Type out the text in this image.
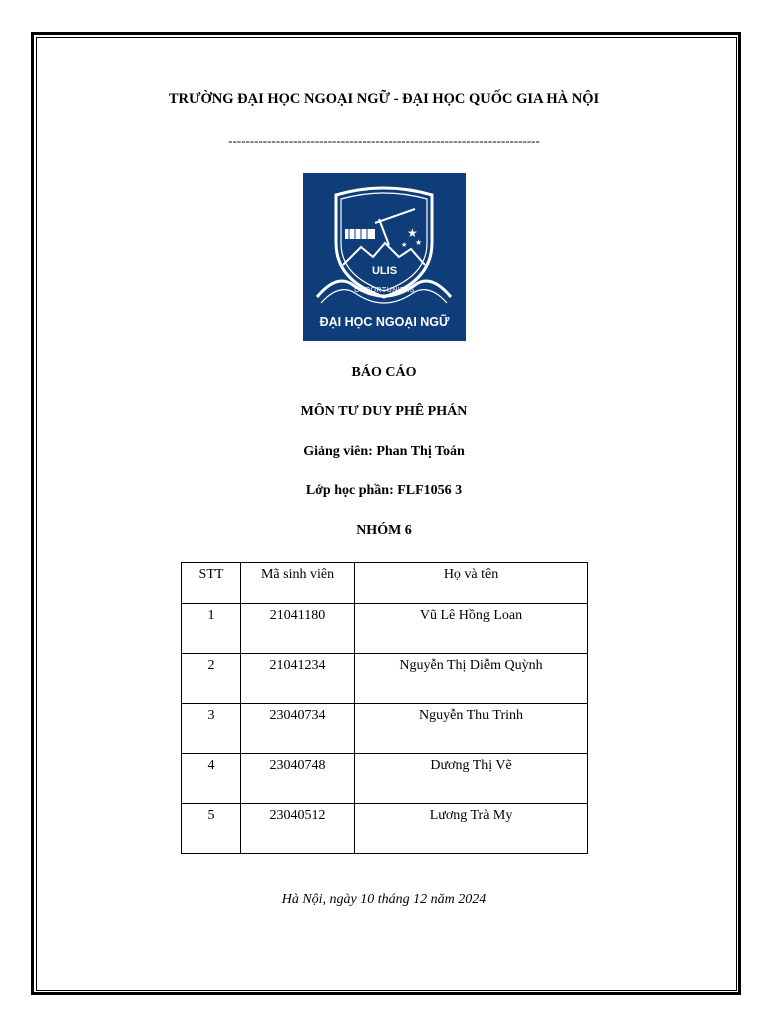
TRƯỜNG ĐẠI HỌC NGOẠI NGỮ - ĐẠI HỌC QUỐC GIA HÀ NỘI
------------------------------------------------------------------------
★
★
★
ULIS
OPPORTUNITAS
ĐẠI HỌC NGOẠI NGỮ
BÁO CÁO
MÔN TƯ DUY PHÊ PHÁN
Giảng viên: Phan Thị Toán
Lớp học phần: FLF1056 3
NHÓM 6
STT	Mã sinh viên	Họ và tên
1	21041180	Vũ Lê Hồng Loan
2	21041234	Nguyễn Thị Diễm Quỳnh
3	23040734	Nguyễn Thu Trinh
4	23040748	Dương Thị Vẽ
5	23040512	Lương Trà My
Hà Nội, ngày 10 tháng 12 năm 2024
